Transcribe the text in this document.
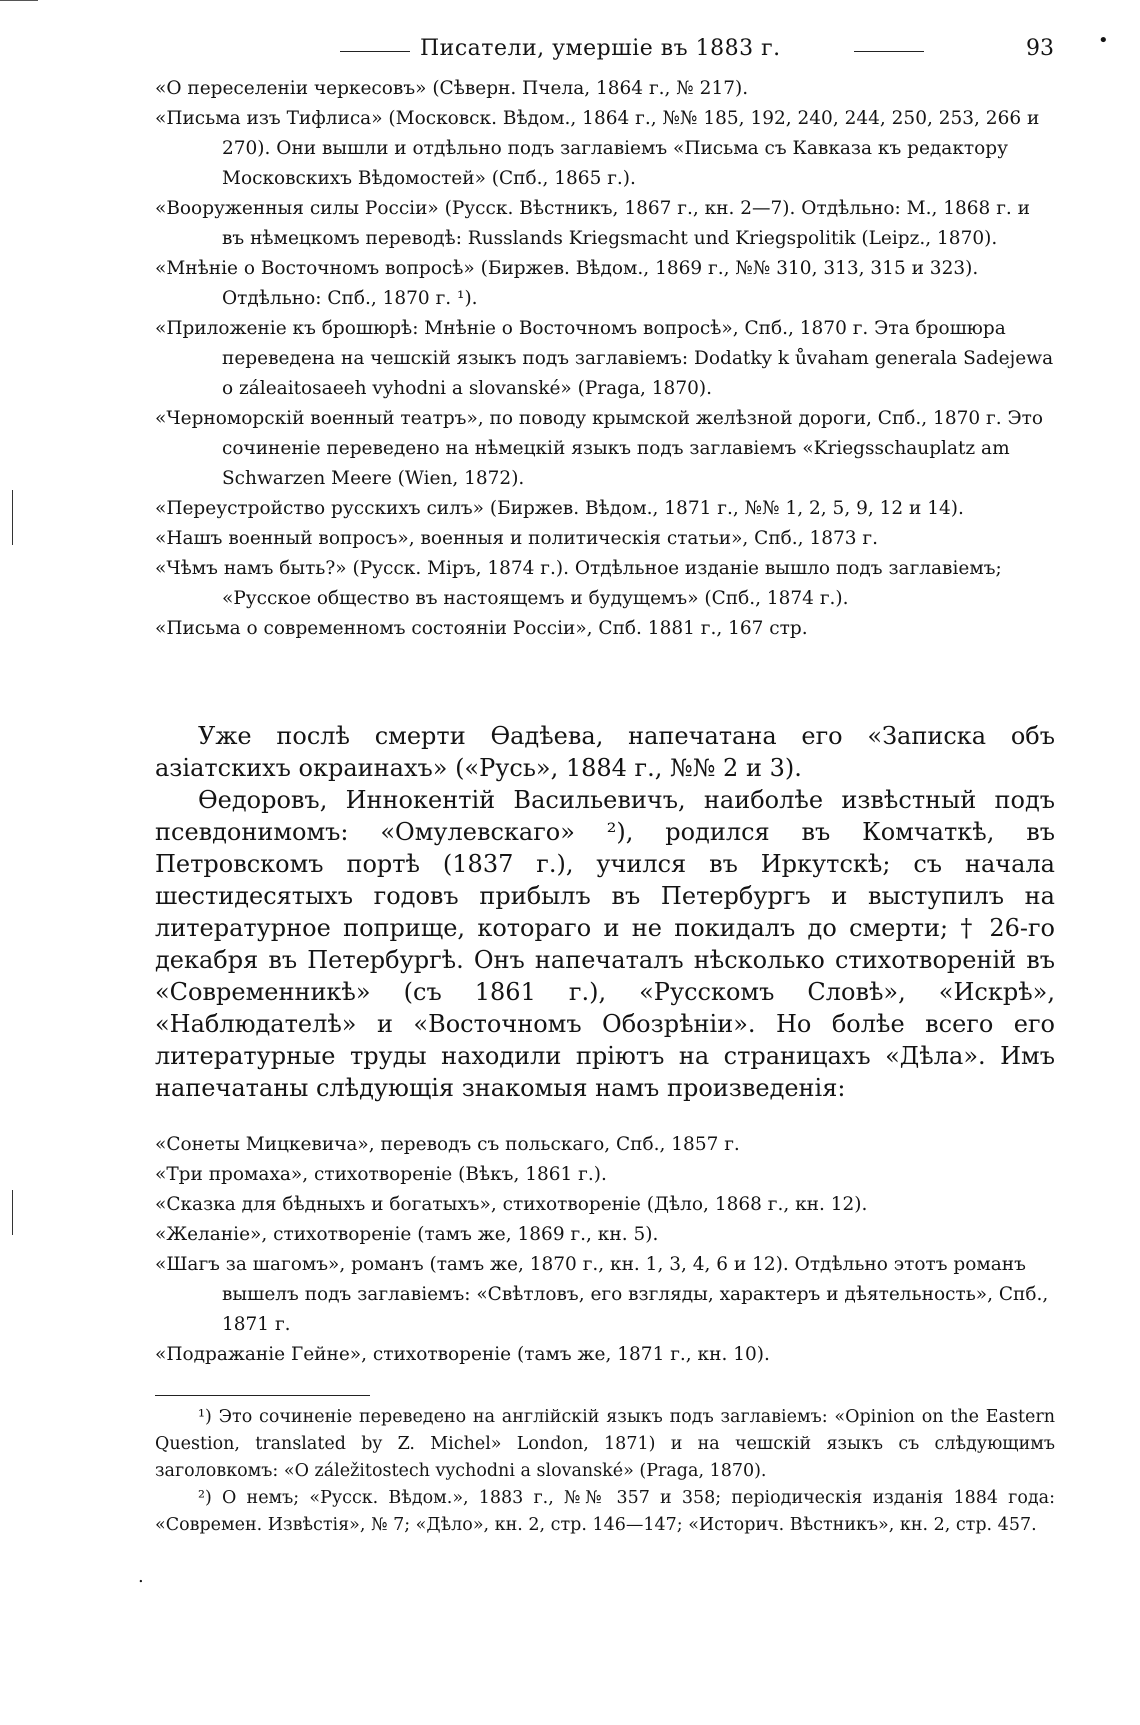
•
.
Писатели, умершіе въ 1883 г.	93

«О переселеніи черкесовъ» (Сѣверн. Пчела, 1864 г., № 217).

«Письма изъ Тифлиса» (Московск. Вѣдом., 1864 г., №№ 185, 192, 240, 244, 250, 253, 266 и 270). Они вышли и отдѣльно подъ заглавіемъ «Письма съ Кавказа къ редактору Московскихъ Вѣдомостей» (Спб., 1865 г.).

«Вооруженныя силы Россіи» (Русск. Вѣстникъ, 1867 г., кн. 2—7). Отдѣльно: М., 1868 г. и въ нѣмецкомъ переводѣ: Russlands Kriegsmacht und Kriegspolitik (Leipz., 1870).

«Мнѣніе о Восточномъ вопросѣ» (Биржев. Вѣдом., 1869 г., №№ 310, 313, 315 и 323). Отдѣльно: Спб., 1870 г. ¹).

«Приложеніе къ брошюрѣ: Мнѣніе о Восточномъ вопросѣ», Спб., 1870 г. Эта брошюра переведена на чешскій языкъ подъ заглавіемъ: Dodatky k ůvaham generala Sadejewa o záleaitosaeeh vyhodni a slovanské» (Praga, 1870).

«Черноморскій военный театръ», по поводу крымской желѣзной дороги, Спб., 1870 г. Это сочиненіе переведено на нѣмецкій языкъ подъ заглавіемъ «Kriegsschauplatz am Schwarzen Meere (Wien, 1872).

«Переустройство русскихъ силъ» (Биржев. Вѣдом., 1871 г., №№ 1, 2, 5, 9, 12 и 14).

«Нашъ военный вопросъ», военныя и политическія статьи», Спб., 1873 г.

«Чѣмъ намъ быть?» (Русск. Міръ, 1874 г.). Отдѣльное изданіе вышло подъ заглавіемъ; «Русское общество въ настоящемъ и будущемъ» (Спб., 1874 г.).

«Письма о современномъ состояніи Россіи», Спб. 1881 г., 167 стр.

Уже послѣ смерти Ѳадѣева, напечатана его «Записка объ азіатскихъ окраинахъ» («Русь», 1884 г., №№ 2 и 3).

Ѳедоровъ, Иннокентій Васильевичъ, наиболѣе извѣстный подъ псевдонимомъ: «Омулевскаго» ²), родился въ Комчаткѣ, въ Петровскомъ портѣ (1837 г.), учился въ Иркутскѣ; съ начала шестидесятыхъ годовъ прибылъ въ Петербургъ и выступилъ на литературное поприще, котораго и не покидалъ до смерти; † 26-го декабря въ Петербургѣ. Онъ напечаталъ нѣсколько стихотвореній въ «Современникѣ» (съ 1861 г.), «Русскомъ Словѣ», «Искрѣ», «Наблюдателѣ» и «Восточномъ Обозрѣніи». Но болѣе всего его литературные труды находили пріютъ на страницахъ «Дѣла». Имъ напечатаны слѣдующія знакомыя намъ произведенія:

«Сонеты Мицкевича», переводъ съ польскаго, Спб., 1857 г.

«Три промаха», стихотвореніе (Вѣкъ, 1861 г.).

«Сказка для бѣдныхъ и богатыхъ», стихотвореніе (Дѣло, 1868 г., кн. 12).

«Желаніе», стихотвореніе (тамъ же, 1869 г., кн. 5).

«Шагъ за шагомъ», романъ (тамъ же, 1870 г., кн. 1, 3, 4, 6 и 12). Отдѣльно этотъ романъ вышелъ подъ заглавіемъ: «Свѣтловъ, его взгляды, характеръ и дѣятельность», Спб., 1871 г.

«Подражаніе Гейне», стихотвореніе (тамъ же, 1871 г., кн. 10).

¹) Это сочиненіе переведено на англійскій языкъ подъ заглавіемъ: «Opinion on the Eastern Question, translated by Z. Michel» London, 1871) и на чешскій языкъ съ слѣдующимъ заголовкомъ: «O záležitostech vychodni a slovanské» (Praga, 1870).

²) О немъ; «Русск. Вѣдом.», 1883 г., №№ 357 и 358; періодическія изданія 1884 года: «Современ. Извѣстія», № 7; «Дѣло», кн. 2, стр. 146—147; «Историч. Вѣстникъ», кн. 2, стр. 457.
